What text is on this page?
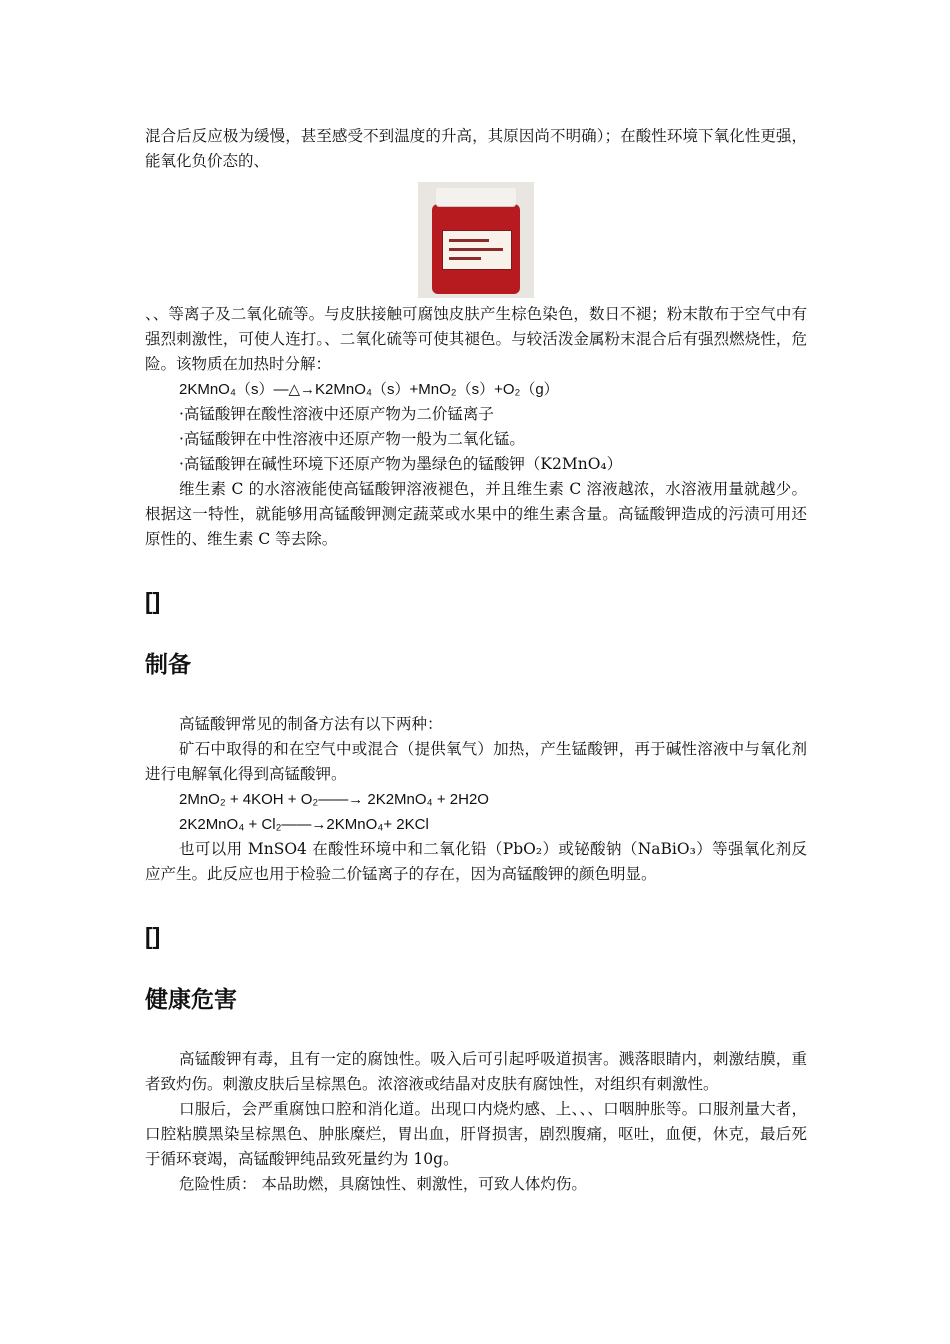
混合后反应极为缓慢，甚至感受不到温度的升高，其原因尚不明确）；在酸性环境下氧化性更强，能氧化负价态的、

、、等离子及二氧化硫等。与皮肤接触可腐蚀皮肤产生棕色染色，数日不褪；粉末散布于空气中有强烈刺激性，可使人连打。、二氧化硫等可使其褪色。与较活泼金属粉末混合后有强烈燃烧性，危险。该物质在加热时分解：

2KMnO₄（s）—△→K2MnO₄（s）+MnO₂（s）+O₂（g）

·高锰酸钾在酸性溶液中还原产物为二价锰离子

·高锰酸钾在中性溶液中还原产物一般为二氧化锰。

·高锰酸钾在碱性环境下还原产物为墨绿色的锰酸钾（K2MnO₄）

维生素 C 的水溶液能使高锰酸钾溶液褪色，并且维生素 C 溶液越浓，水溶液用量就越少。根据这一特性，就能够用高锰酸钾测定蔬菜或水果中的维生素含量。高锰酸钾造成的污渍可用还原性的、维生素 C 等去除。

[]
制备

高锰酸钾常见的制备方法有以下两种：

矿石中取得的和在空气中或混合（提供氧气）加热，产生锰酸钾，再于碱性溶液中与氧化剂进行电解氧化得到高锰酸钾。

2MnO₂ + 4KOH + O₂——→ 2K2MnO₄ + 2H2O
2K2MnO₄ + Cl₂——→2KMnO₄+ 2KCl

也可以用 MnSO4 在酸性环境中和二氧化铅（PbO₂）或铋酸钠（NaBiO₃）等强氧化剂反应产生。此反应也用于检验二价锰离子的存在，因为高锰酸钾的颜色明显。

[]
健康危害

高锰酸钾有毒，且有一定的腐蚀性。吸入后可引起呼吸道损害。溅落眼睛内，刺激结膜，重者致灼伤。刺激皮肤后呈棕黑色。浓溶液或结晶对皮肤有腐蚀性，对组织有刺激性。

口服后，会严重腐蚀口腔和消化道。出现口内烧灼感、上、、、口咽肿胀等。口服剂量大者，口腔粘膜黑染呈棕黑色、肿胀糜烂，胃出血，肝肾损害，剧烈腹痛，呕吐，血便，休克，最后死于循环衰竭，高锰酸钾纯品致死量约为 10g。

危险性质： 本品助燃，具腐蚀性、刺激性，可致人体灼伤。
